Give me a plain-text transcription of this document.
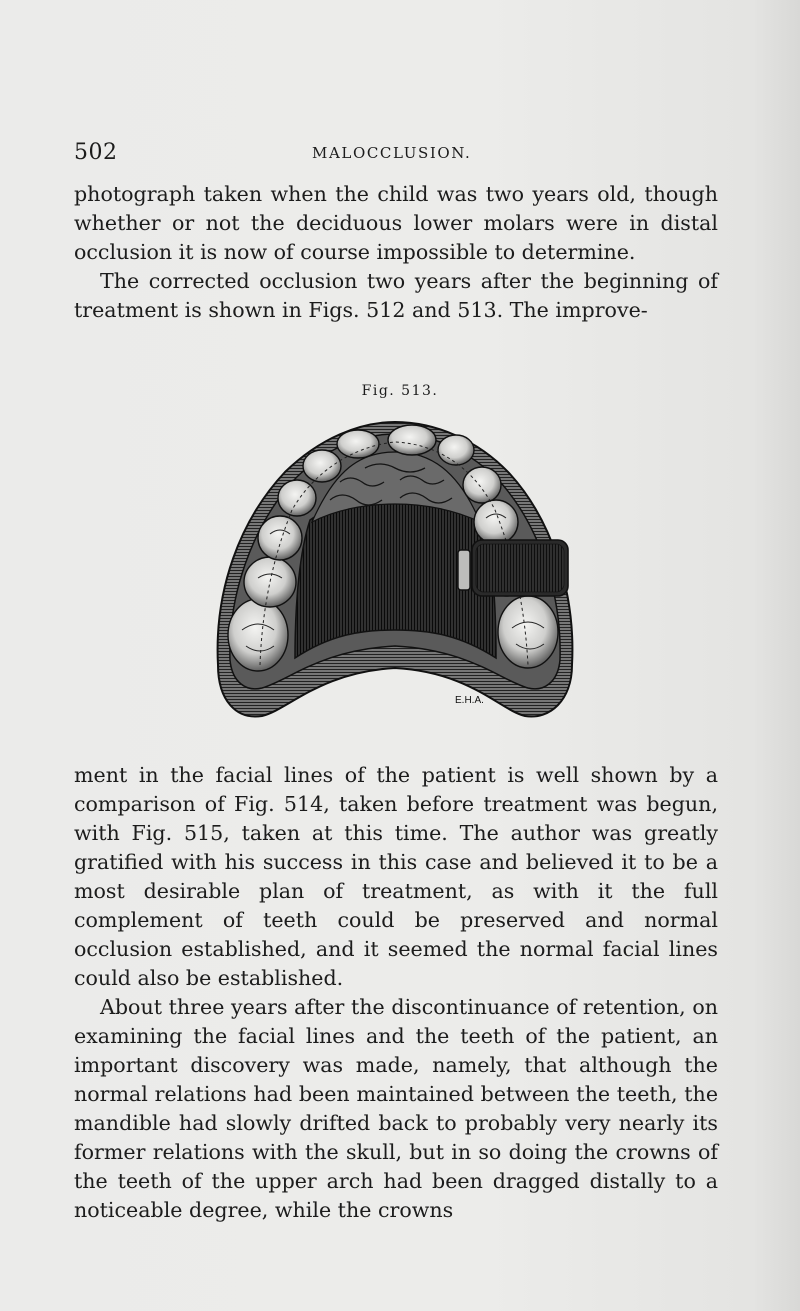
502	MALOCCLUSION.

photograph taken when the child was two years old, though whether or not the deciduous lower molars were in distal occlusion it is now of course impossible to determine.

The corrected occlusion two years after the beginning of treatment is shown in Figs. 512 and 513. The improve-

Fig. 513.
E.H.A.

ment in the facial lines of the patient is well shown by a comparison of Fig. 514, taken before treatment was begun, with Fig. 515, taken at this time. The author was greatly gratified with his success in this case and believed it to be a most desirable plan of treatment, as with it the full complement of teeth could be preserved and normal occlusion established, and it seemed the normal facial lines could also be established.

About three years after the discontinuance of retention, on examining the facial lines and the teeth of the patient, an important discovery was made, namely, that although the normal relations had been maintained between the teeth, the mandible had slowly drifted back to probably very nearly its former relations with the skull, but in so doing the crowns of the teeth of the upper arch had been dragged distally to a noticeable degree, while the crowns
